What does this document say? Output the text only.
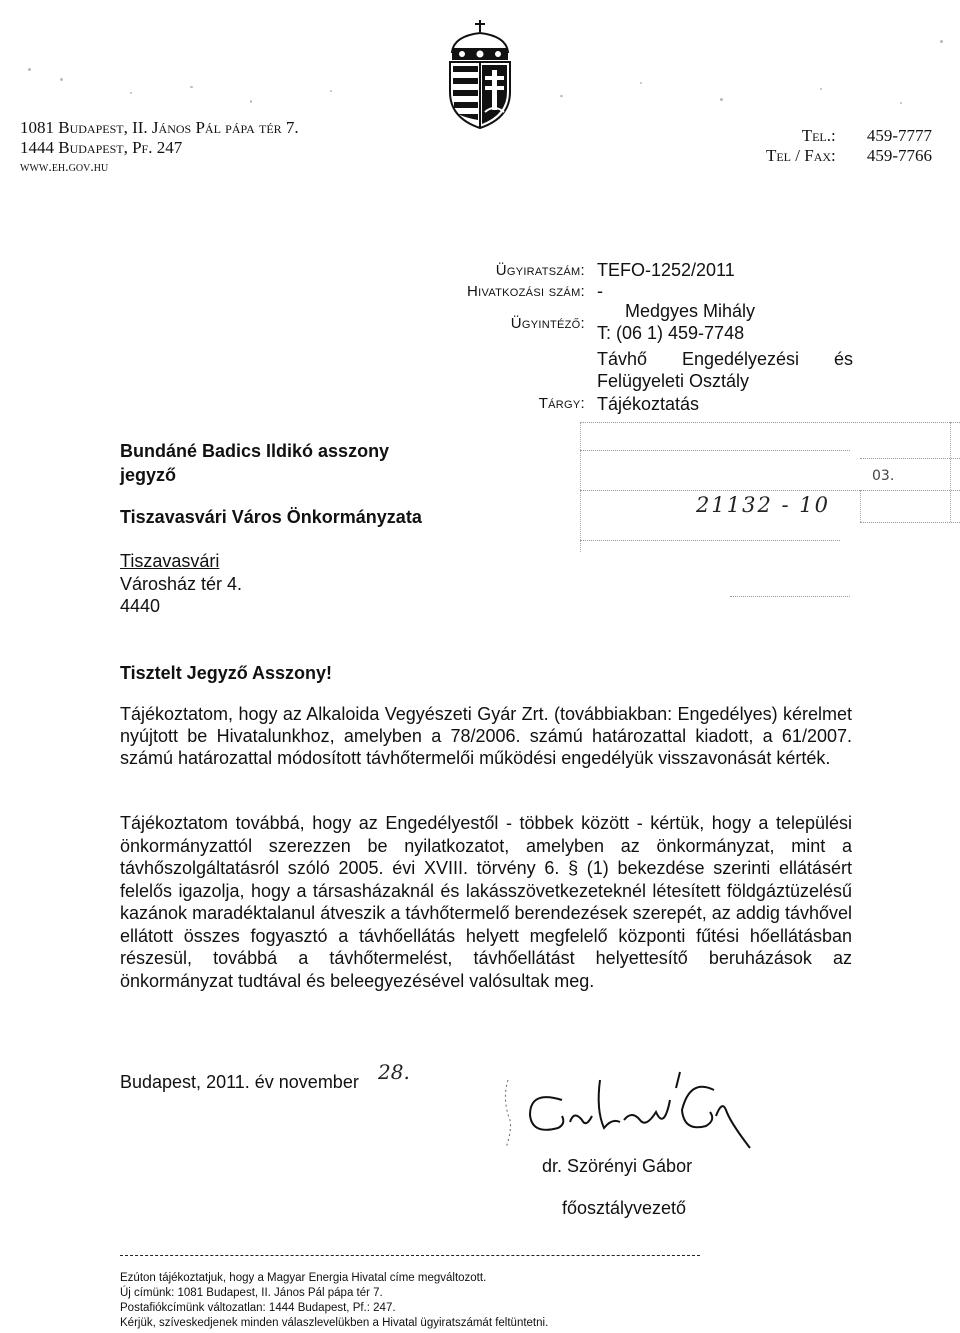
1081 Budapest, II. János Pál pápa tér 7.
1444 Budapest, Pf. 247
www.eh.gov.hu
Tel.: 459-7777
Tel / Fax: 459-7766
Ügyiratszám: TEFO-1252/2011
Hivatkozási szám: -
Ügyintéző:
Medgyes Mihály
T: (06 1) 459-7748
Távhő Engedélyezési és
Felügyeleti Osztály
Tárgy: Tájékoztatás
21132 - 10
03.
Bundáné Badics Ildikó asszony
jegyző
Tiszavasvári Város Önkormányzata
Tiszavasvári
Városház tér 4.
4440
Tisztelt Jegyző Asszony!
Tájékoztatom, hogy az Alkaloida Vegyészeti Gyár Zrt. (továbbiakban: Engedélyes) kérelmet nyújtott be Hivatalunkhoz, amelyben a 78/2006. számú határozattal kiadott, a 61/2007. számú határozattal módosított távhőtermelői működési engedélyük visszavonását kérték.
Tájékoztatom továbbá, hogy az Engedélyestől - többek között - kértük, hogy a települési önkormányzattól szerezzen be nyilatkozatot, amelyben az önkormányzat, mint a távhőszolgáltatásról szóló 2005. évi XVIII. törvény 6. § (1) bekezdése szerinti ellátásért felelős igazolja, hogy a társasházaknál és lakásszövetkezeteknél létesített földgáztüzelésű kazánok maradéktalanul átveszik a távhőtermelő berendezések szerepét, az addig távhővel ellátott összes fogyasztó a távhőellátás helyett megfelelő központi fűtési hőellátásban részesül, továbbá a távhőtermelést, távhőellátást helyettesítő beruházások az önkormányzat tudtával és beleegyezésével valósultak meg.
Budapest, 2011. év november 28.
dr. Szörényi Gábor
főosztályvezető
Ezúton tájékoztatjuk, hogy a Magyar Energia Hivatal címe megváltozott.
Új címünk: 1081 Budapest, II. János Pál pápa tér 7.
Postafiókcímünk változatlan: 1444 Budapest, Pf.: 247.
Kérjük, szíveskedjenek minden válaszlevelükben a Hivatal ügyiratszámát feltüntetni.
